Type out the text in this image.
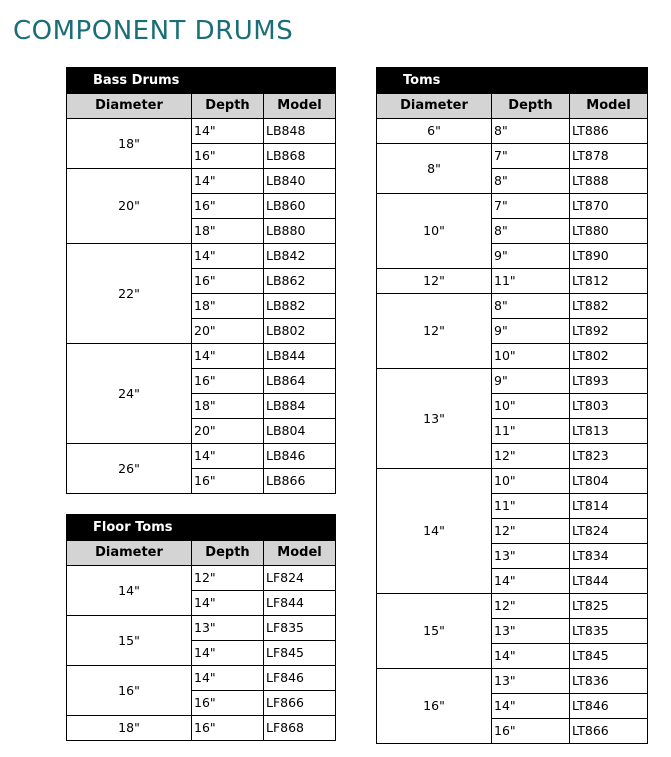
COMPONENT DRUMS
Bass Drums		
Diameter	Depth	Model
18"	14"	LB848
	16"	LB868
20"	14"	LB840
	16"	LB860
	18"	LB880
22"	14"	LB842
	16"	LB862
	18"	LB882
	20"	LB802
24"	14"	LB844
	16"	LB864
	18"	LB884
	20"	LB804
26"	14"	LB846
	16"	LB866
Floor Toms		
Diameter	Depth	Model
14"	12"	LF824
	14"	LF844
15"	13"	LF835
	14"	LF845
16"	14"	LF846
	16"	LF866
18"	16"	LF868
Toms		
Diameter	Depth	Model
6"	8"	LT886
8"	7"	LT878
	8"	LT888
10"	7"	LT870
	8"	LT880
	9"	LT890
12"	11"	LT812
12"	8"	LT882
	9"	LT892
	10"	LT802
13"	9"	LT893
	10"	LT803
	11"	LT813
	12"	LT823
14"	10"	LT804
	11"	LT814
	12"	LT824
	13"	LT834
	14"	LT844
15"	12"	LT825
	13"	LT835
	14"	LT845
16"	13"	LT836
	14"	LT846
	16"	LT866
